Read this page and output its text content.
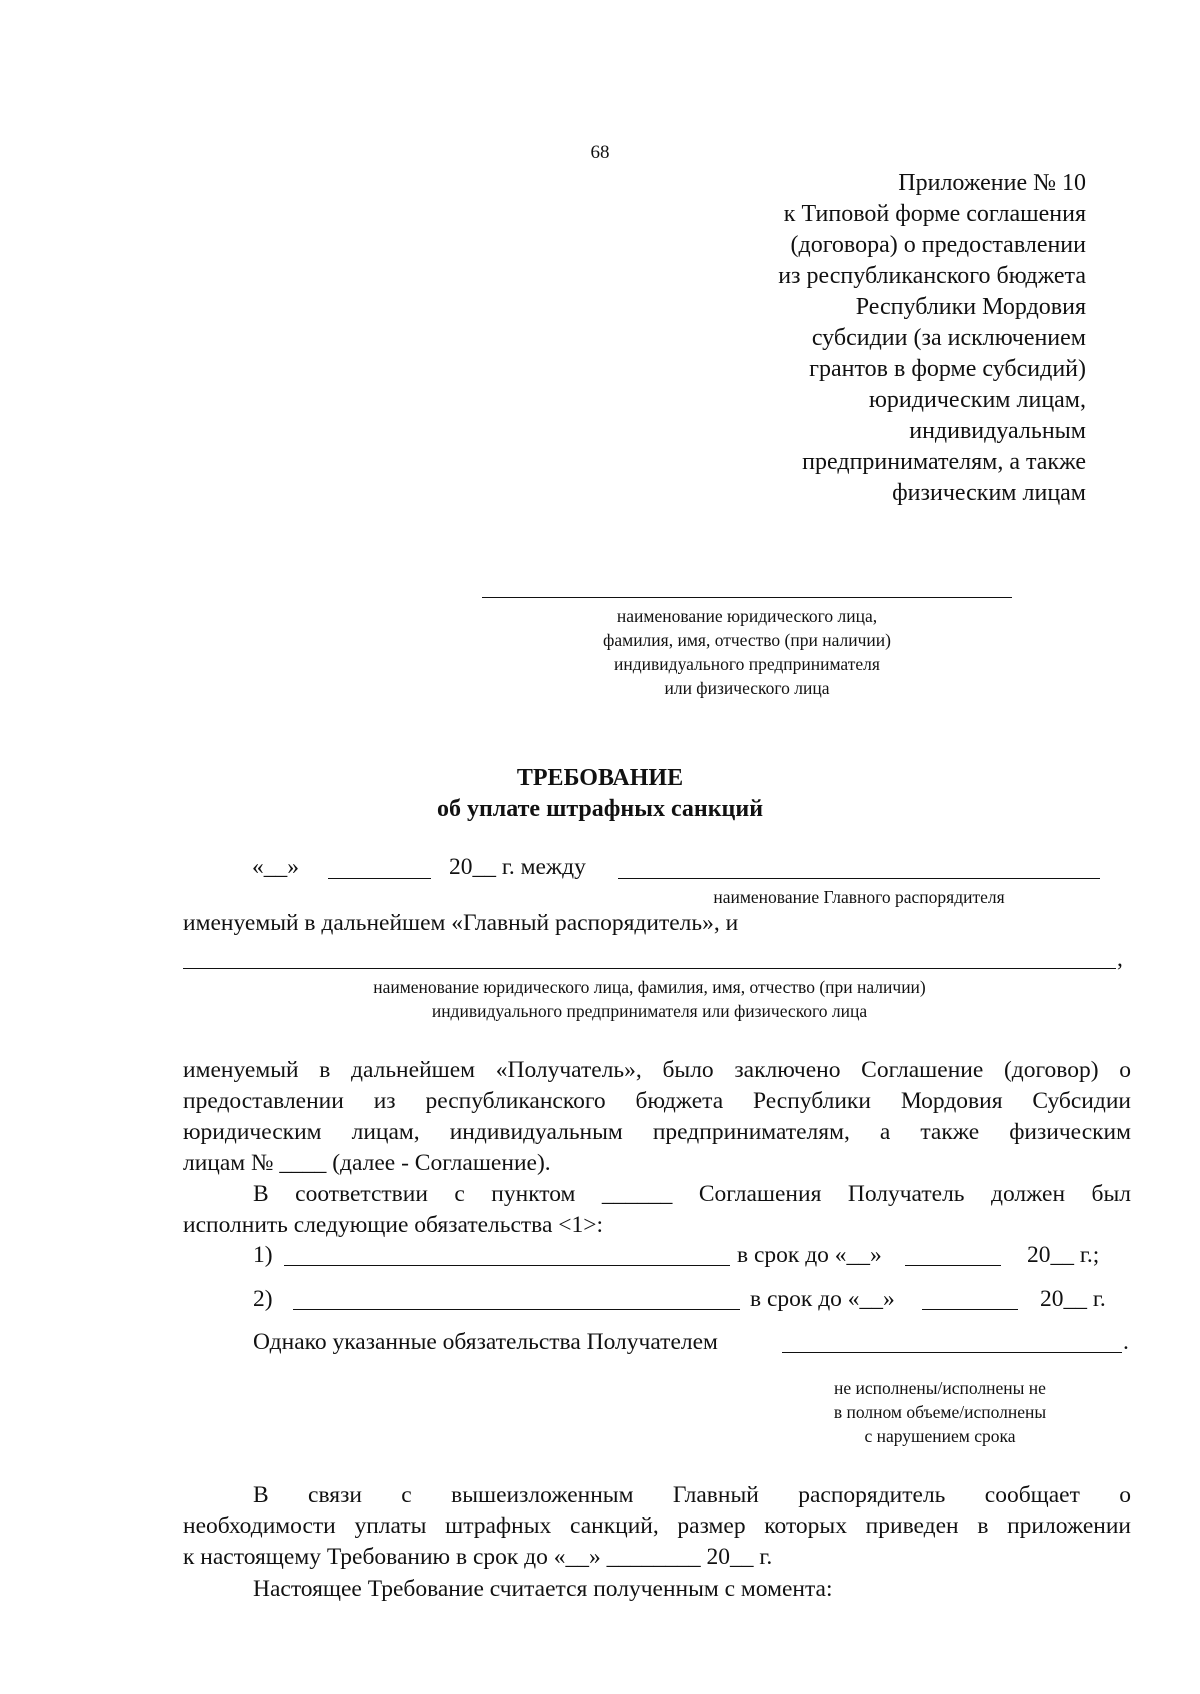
68
Приложение № 10
к Типовой форме соглашения
(договора) о предоставлении
из республиканского бюджета
Республики Мордовия
субсидии (за исключением
грантов в форме субсидий)
юридическим лицам,
индивидуальным
предпринимателям, а также
физическим лицам
наименование юридического лица,
фамилия, имя, отчество (при наличии)
индивидуального предпринимателя
или физического лица
ТРЕБОВАНИЕ
об уплате штрафных санкций
«__»	20__ г. между
наименование Главного распорядителя
именуемый в дальнейшем «Главный распорядитель», и
,
наименование юридического лица, фамилия, имя, отчество (при наличии)
индивидуального предпринимателя или физического лица
именуемый в дальнейшем «Получатель», было заключено Соглашение (договор) о
предоставлении из республиканского бюджета Республики Мордовия Субсидии
юридическим лицам, индивидуальным предпринимателям, а также физическим
лицам № ____ (далее - Соглашение).
В соответствии с пунктом ______ Соглашения Получатель должен был
исполнить следующие обязательства <1>:
1)	в срок до «__»	20__ г.;
2)	в срок до «__»	20__ г.
Однако указанные обязательства Получателем	.
не исполнены/исполнены не
в полном объеме/исполнены
с нарушением срока
В связи с вышеизложенным Главный распорядитель сообщает о
необходимости уплаты штрафных санкций, размер которых приведен в приложении
к настоящему Требованию в срок до «__» ________ 20__ г.
Настоящее Требование считается полученным с момента:
